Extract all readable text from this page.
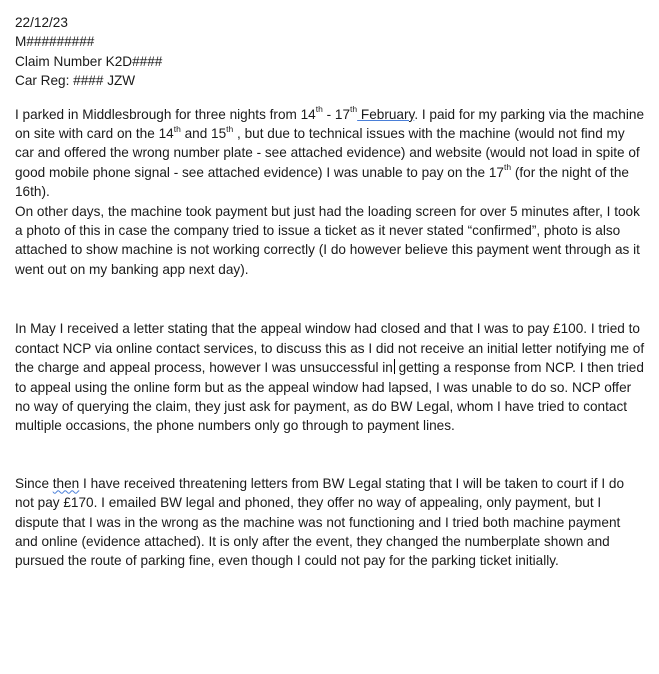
22/12/23
M#########
Claim Number K2D####
Car Reg: #### JZW

I parked in Middlesbrough for three nights from 14th - 17th February. I paid for my parking via the machine on site with card on the 14th and 15th , but due to technical issues with the machine (would not find my car and offered the wrong number plate - see attached evidence) and website (would not load in spite of good mobile phone signal - see attached evidence) I was unable to pay on the 17th (for the night of the 16th).

On other days, the machine took payment but just had the loading screen for over 5 minutes after, I took a photo of this in case the company tried to issue a ticket as it never stated “confirmed”, photo is also attached to show machine is not working correctly (I do however believe this payment went through as it went out on my banking app next day).

In May I received a letter stating that the appeal window had closed and that I was to pay £100. I tried to contact NCP via online contact services, to discuss this as I did not receive an initial letter notifying me of the charge and appeal process, however I was unsuccessful in getting a response from NCP. I then tried to appeal using the online form but as the appeal window had lapsed, I was unable to do so. NCP offer no way of querying the claim, they just ask for payment, as do BW Legal, whom I have tried to contact multiple occasions, the phone numbers only go through to payment lines.

Since then I have received threatening letters from BW Legal stating that I will be taken to court if I do not pay £170. I emailed BW legal and phoned, they offer no way of appealing, only payment, but I dispute that I was in the wrong as the machine was not functioning and I tried both machine payment and online (evidence attached). It is only after the event, they changed the numberplate shown and pursued the route of parking fine, even though I could not pay for the parking ticket initially.
